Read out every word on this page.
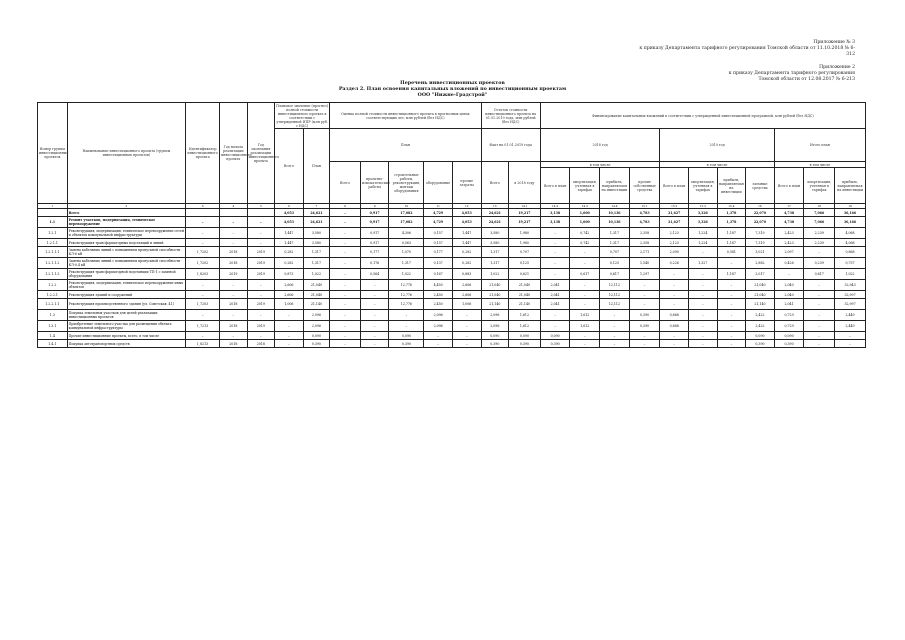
Приложение № 3
к приказу Департамента тарифного регулирования Томской области от 11.10.2018 № 6-312
Приложение 2
к приказу Департамента тарифного регулирования
Томской области от 12.08.2017 № 6-213
Перечень инвестиционных проектов
Раздел 2. План освоения капитальных вложений по инвестиционным проектам
ООО "Нижне-Градстрой"
Номер группы инвестиционных проектов	Наименование инвестиционного проекта (группы инвестиционных проектов)	Идентификатор инвестиционного проекта	Год начала реализации инвестиционного проекта	Год окончания реализации инвестиционного проекта	Плановое значение (прогноз) полной стоимости инвестиционного проекта в соответствии с утвержденной ИПР (млн руб. с НДС)		Оценка полной стоимости инвестиционного проекта в прогнозных ценах соответствующих лет, млн рублей (без НДС)					Остаток стоимости инвестиционного проекта на 01.01.2019 года, млн рублей (без НДС)		Финансирование капитальных вложений в соответствии с утвержденной инвестиционной программой, млн рублей (без НДС)										
					Всего	План	План					Факт на 01.01.2019 года		2018 год				2019 год				Итого план		
							Всего	проектно-изыскательские работы	строительные работы, реконструкция, монтаж оборудования	оборудование	прочие затраты	Всего	в 2018 году	в том числе				в том числе				в том числе		
														Всего в план	амортизация, учтенная в тарифах	прибыль, направляемая на инвестиции	прочие собственные средства	Всего в план	амортизация, учтенная в тарифах	прибыль, направляемая на инвестиции	заемные средства	Всего в план	амортизация, учтенная в тарифах	прибыль, направляемая на инвестиции
1	2	3	4	5	6	7	8	9	10	11	12	13	14.1	14.2	14.3	14.4	15.1	15.2	15.3	15.4	16	17	18	19
	Всего				4,053	24,621	–	0,917	17,082	4,729	4,053	24,621	19,217	3,138	1,600	10,136	4,783	21,627	3,326	1,378	22,070	4,738	7,066	36,166
1.1	Ремонт участков, модернизация, техническое перевооружение	–	–	–	4,053	24,621	–	0,917	17,082	4,729	4,053	24,621	19,217	3,138	1,600	10,136	4,783	21,627	3,326	1,378	22,070	4,738	7,066	36,166
1.2.1	Реконструкция, модернизация, техническое перевооружение сетей и объектов коммунальной инфраструктуры	–	–	–	1,447	3,580	–	0,917	4,306	0,157	1,447	3,580	1,980	–	0,742	1,317	2,358	2,123	1,224	1,187	7,319	2,423	2,239	4,068
1.2.1.1	Реконструкция трансформаторных подстанций и линий	–	–	–	1,447	3,580	–	0,917	0,563	0,157	1,447	3,580	1,980	–	0,742	1,317	2,358	2,123	1,224	1,187	7,319	2,423	2,239	4,068
1.2.1.1.1	Замена кабельных линий с повышением пропускной способности КЛ-6 кВ	I_7202	2018	2019	0,282	1,317	–	0,177	1,070	0,177	0,282	1,317	0,707	–	–	0,707	2,171	2,090	–	0,581	3,021	2,097	–	0,868
1.2.1.1.2	Замена кабельных линий с повышением пропускной способности КЛ-0,4 кВ	I_7202	2018	2019	0,282	1,317	–	0,176	1,317	0,137	0,282	1,317	0,125	–	–	0,125	1,540	0,226	1,327	–	2,882	0,426	0,239	0,757
1.2.1.1.3	Реконструкция трансформаторной подстанции ТП-1 с заменой оборудования	I_8203	2019	2019	0,873	1,022	–	0,564	1,022	0,167	0,883	1,022	0,621	–	0,617	0,617	1,297	–	–	1,187	2,017	–	0,617	1,022
1.2.2	Реконструкция, модернизация, техническое перевооружение иных объектов	–	–	–	2,606	21,040	–	–	12,776	4,450	2,606	21,040	21,040	2,041	–	12,112	–	–	–	–	21,040	2,040	–	32,943
1.2.2.1	Реконструкция зданий и сооружений	–	–	–	2,606	21,040	–	–	12,776	2,450	2,606	21,040	21,040	2,041	–	12,112	–	–	–	–	21,040	2,040	–	32,997
1.2.2.1.1	Реконструкция производственного здания (ул. Советская, 41)	I_7203	2018	2019	1,006	21,140	–	–	12,776	2,450	1,006	21,140	21,140	2,041	–	12,112	–	–	–	–	21,140	2,041	–	32,997
1.3	Покупка земельных участков для целей реализации инвестиционных проектов	–	–	–	–	2,096	–	–	–	2,096	–	2,096	1,612	–	1,612	–	0,390	0,868	–	–	2,422	0,729	–	2,449
1.3.1	Приобретение земельного участка для размещения объекта коммунальной инфраструктуры	I_7213	2018	2019	–	2,096	–	–	–	2,096	–	2,096	1,612	–	1,612	–	0,390	0,868	–	–	2,422	0,729	–	2,449
1.4	Прочие инвестиционные проекты, всего, в том числе	–	–	–	–	0,090	–	–	0,090	–	–	0,090	0,090	0,090	–	–	–	–	–	–	0,090	0,090	–	–
1.4.1	Покупка автотранспортных средств	I_8213	2018	2018	–	0,390	–	–	0,390	–	–	0,390	0,390	0,390	–	–	–	–	–	–	0,390	0,390	–	–
